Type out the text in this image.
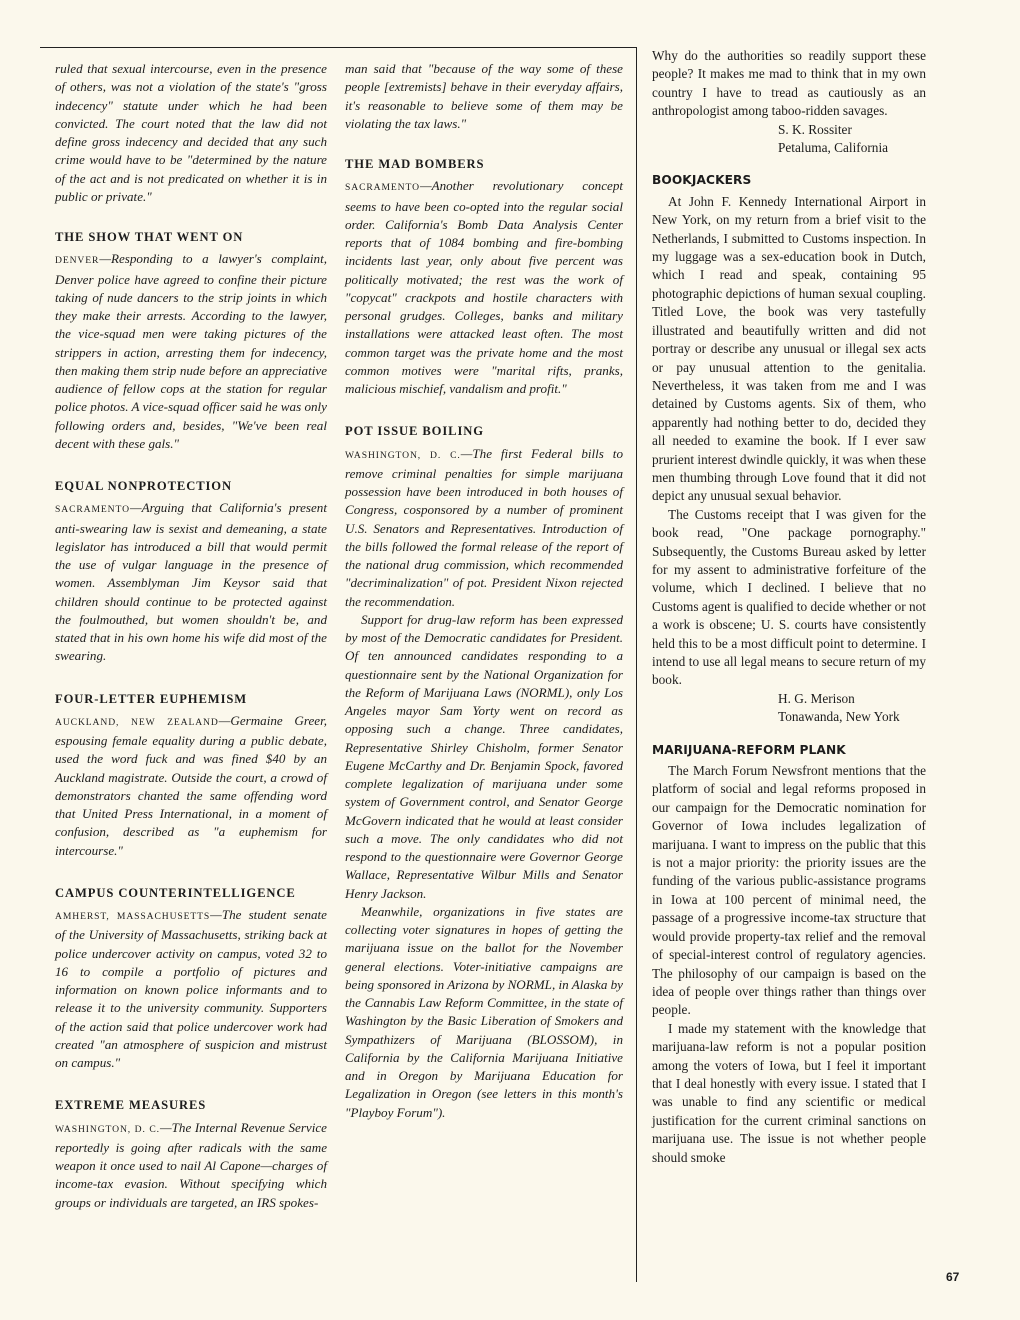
ruled that sexual intercourse, even in the presence of others, was not a violation of the state's "gross indecency" statute under which he had been convicted. The court noted that the law did not define gross indecency and decided that any such crime would have to be "determined by the nature of the act and is not predicated on whether it is in public or private."

THE SHOW THAT WENT ON

DENVER—Responding to a lawyer's complaint, Denver police have agreed to confine their picture taking of nude dancers to the strip joints in which they make their arrests. According to the lawyer, the vice-squad men were taking pictures of the strippers in action, arresting them for indecency, then making them strip nude before an appreciative audience of fellow cops at the station for regular police photos. A vice-squad officer said he was only following orders and, besides, "We've been real decent with these gals."

EQUAL NONPROTECTION

SACRAMENTO—Arguing that California's present anti-swearing law is sexist and demeaning, a state legislator has introduced a bill that would permit the use of vulgar language in the presence of women. Assemblyman Jim Keysor said that children should continue to be protected against the foulmouthed, but women shouldn't be, and stated that in his own home his wife did most of the swearing.

FOUR-LETTER EUPHEMISM

AUCKLAND, NEW ZEALAND—Germaine Greer, espousing female equality during a public debate, used the word fuck and was fined $40 by an Auckland magistrate. Outside the court, a crowd of demonstrators chanted the same offending word that United Press International, in a moment of confusion, described as "a euphemism for intercourse."

CAMPUS COUNTERINTELLIGENCE

AMHERST, MASSACHUSETTS—The student senate of the University of Massachusetts, striking back at police undercover activity on campus, voted 32 to 16 to compile a portfolio of pictures and information on known police informants and to release it to the university community. Supporters of the action said that police undercover work had created "an atmosphere of suspicion and mistrust on campus."

EXTREME MEASURES

WASHINGTON, D. C.—The Internal Revenue Service reportedly is going after radicals with the same weapon it once used to nail Al Capone—charges of income-tax evasion. Without specifying which groups or individuals are targeted, an IRS spokes-

man said that "because of the way some of these people [extremists] behave in their everyday affairs, it's reasonable to believe some of them may be violating the tax laws."

THE MAD BOMBERS

SACRAMENTO—Another revolutionary concept seems to have been co-opted into the regular social order. California's Bomb Data Analysis Center reports that of 1084 bombing and fire-bombing incidents last year, only about five percent was politically motivated; the rest was the work of "copycat" crackpots and hostile characters with personal grudges. Colleges, banks and military installations were attacked least often. The most common target was the private home and the most common motives were "marital rifts, pranks, malicious mischief, vandalism and profit."

POT ISSUE BOILING

WASHINGTON, D. C.—The first Federal bills to remove criminal penalties for simple marijuana possession have been introduced in both houses of Congress, cosponsored by a number of prominent U.S. Senators and Representatives. Introduction of the bills followed the formal release of the report of the national drug commission, which recommended "decriminalization" of pot. President Nixon rejected the recommendation.

Support for drug-law reform has been expressed by most of the Democratic candidates for President. Of ten announced candidates responding to a questionnaire sent by the National Organization for the Reform of Marijuana Laws (NORML), only Los Angeles mayor Sam Yorty went on record as opposing such a change. Three candidates, Representative Shirley Chisholm, former Senator Eugene McCarthy and Dr. Benjamin Spock, favored complete legalization of marijuana under some system of Government control, and Senator George McGovern indicated that he would at least consider such a move. The only candidates who did not respond to the questionnaire were Governor George Wallace, Representative Wilbur Mills and Senator Henry Jackson.

Meanwhile, organizations in five states are collecting voter signatures in hopes of getting the marijuana issue on the ballot for the November general elections. Voter-initiative campaigns are being sponsored in Arizona by NORML, in Alaska by the Cannabis Law Reform Committee, in the state of Washington by the Basic Liberation of Smokers and Sympathizers of Marijuana (BLOSSOM), in California by the California Marijuana Initiative and in Oregon by Marijuana Education for Legalization in Oregon (see letters in this month's "Playboy Forum").

Why do the authorities so readily support these people? It makes me mad to think that in my own country I have to tread as cautiously as an anthropologist among taboo-ridden savages.

S. K. Rossiter

Petaluma, California

BOOKJACKERS

At John F. Kennedy International Airport in New York, on my return from a brief visit to the Netherlands, I submitted to Customs inspection. In my luggage was a sex-education book in Dutch, which I read and speak, containing 95 photographic depictions of human sexual coupling. Titled Love, the book was very tastefully illustrated and beautifully written and did not portray or describe any unusual or illegal sex acts or pay unusual attention to the genitalia. Nevertheless, it was taken from me and I was detained by Customs agents. Six of them, who apparently had nothing better to do, decided they all needed to examine the book. If I ever saw prurient interest dwindle quickly, it was when these men thumbing through Love found that it did not depict any unusual sexual behavior.

The Customs receipt that I was given for the book read, "One package pornography." Subsequently, the Customs Bureau asked by letter for my assent to administrative forfeiture of the volume, which I declined. I believe that no Customs agent is qualified to decide whether or not a work is obscene; U. S. courts have consistently held this to be a most difficult point to determine. I intend to use all legal means to secure return of my book.

H. G. Merison

Tonawanda, New York

MARIJUANA-REFORM PLANK

The March Forum Newsfront mentions that the platform of social and legal reforms proposed in our campaign for the Democratic nomination for Governor of Iowa includes legalization of marijuana. I want to impress on the public that this is not a major priority: the priority issues are the funding of the various public-assistance programs in Iowa at 100 percent of minimal need, the passage of a progressive income-tax structure that would provide property-tax relief and the removal of special-interest control of regulatory agencies. The philosophy of our campaign is based on the idea of people over things rather than things over people.

I made my statement with the knowledge that marijuana-law reform is not a popular position among the voters of Iowa, but I feel it important that I deal honestly with every issue. I stated that I was unable to find any scientific or medical justification for the current criminal sanctions on marijuana use. The issue is not whether people should smoke

67
